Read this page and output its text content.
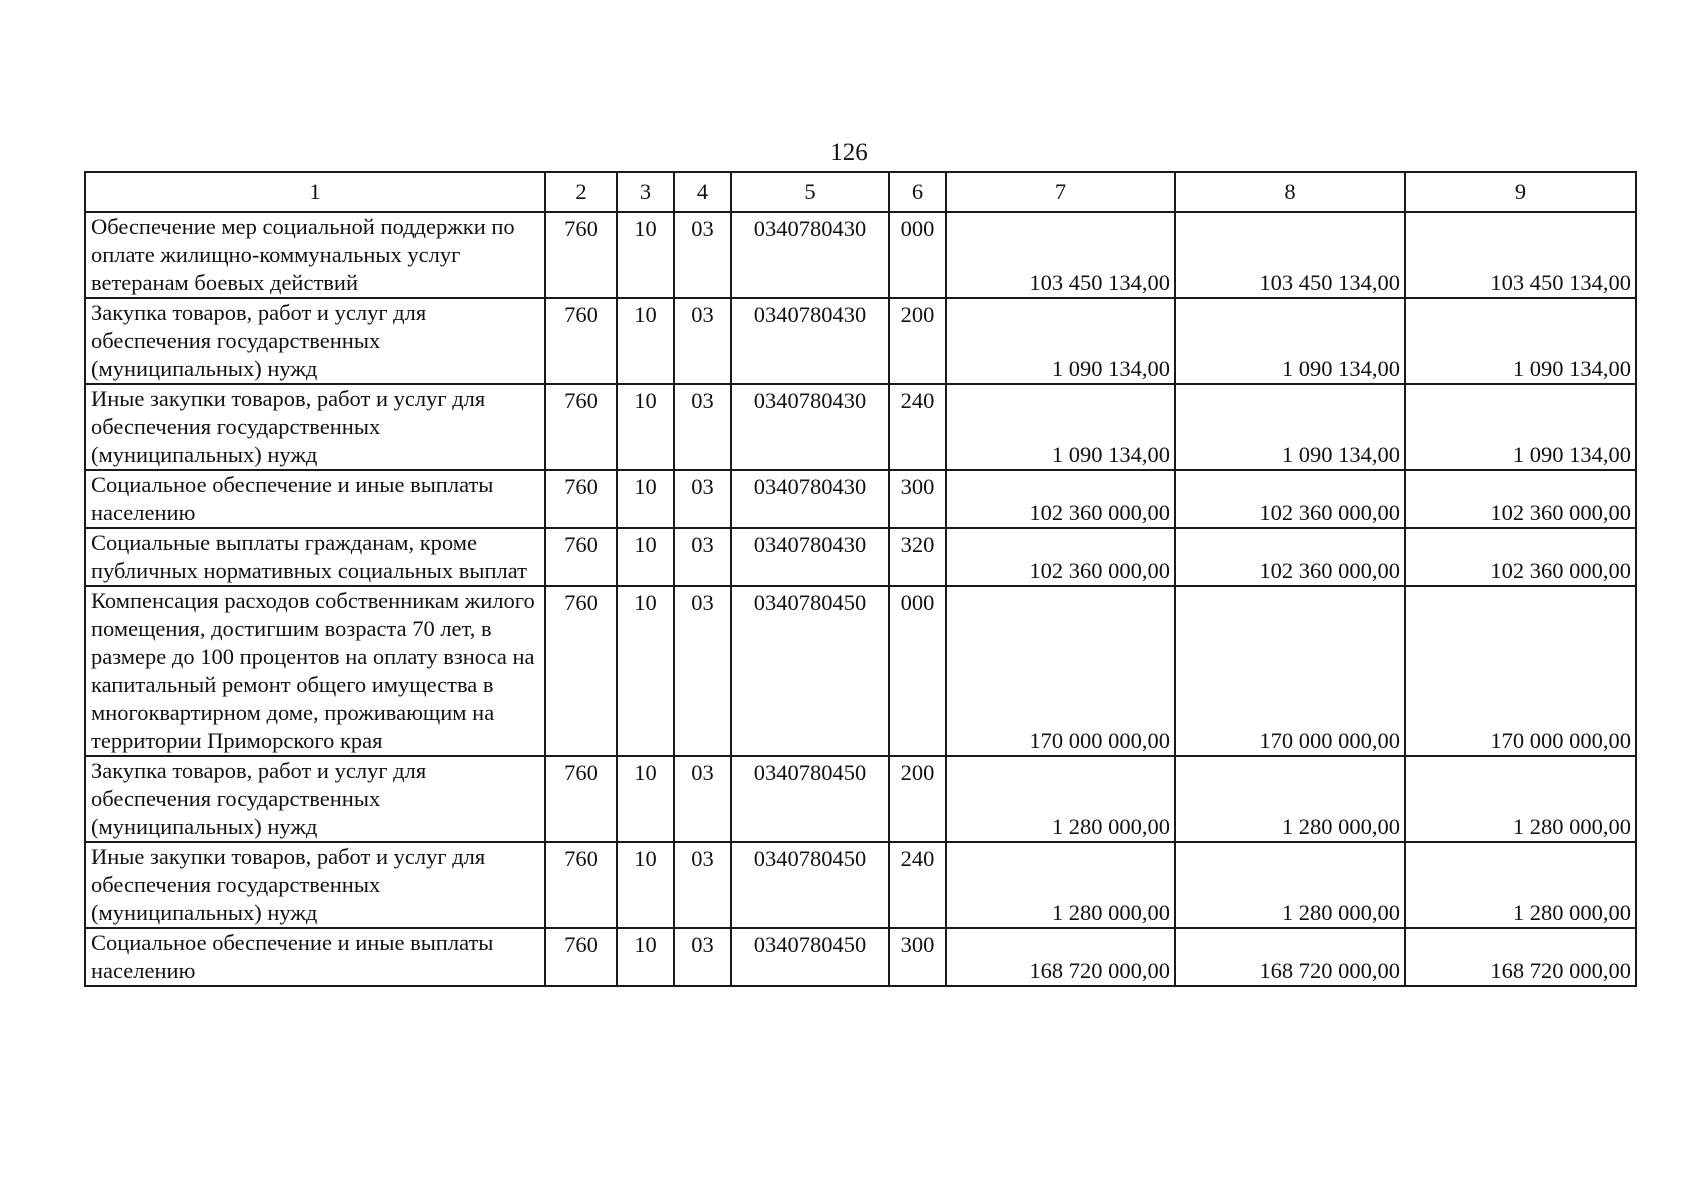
126
1	2	3	4	5	6	7	8	9
Обеспечение мер социальной поддержки по оплате жилищно-коммунальных услуг ветеранам боевых действий	760	10	03	0340780430	000	103 450 134,00	103 450 134,00	103 450 134,00
Закупка товаров, работ и услуг для обеспечения государственных (муниципальных) нужд	760	10	03	0340780430	200	1 090 134,00	1 090 134,00	1 090 134,00
Иные закупки товаров, работ и услуг для обеспечения государственных (муниципальных) нужд	760	10	03	0340780430	240	1 090 134,00	1 090 134,00	1 090 134,00
Социальное обеспечение и иные выплаты населению	760	10	03	0340780430	300	102 360 000,00	102 360 000,00	102 360 000,00
Социальные выплаты гражданам, кроме публичных нормативных социальных выплат	760	10	03	0340780430	320	102 360 000,00	102 360 000,00	102 360 000,00
Компенсация расходов собственникам жилого помещения, достигшим возраста 70 лет, в размере до 100 процентов на оплату взноса на капитальный ремонт общего имущества в многоквартирном доме, проживающим на территории Приморского края	760	10	03	0340780450	000	170 000 000,00	170 000 000,00	170 000 000,00
Закупка товаров, работ и услуг для обеспечения государственных (муниципальных) нужд	760	10	03	0340780450	200	1 280 000,00	1 280 000,00	1 280 000,00
Иные закупки товаров, работ и услуг для обеспечения государственных (муниципальных) нужд	760	10	03	0340780450	240	1 280 000,00	1 280 000,00	1 280 000,00
Социальное обеспечение и иные выплаты населению	760	10	03	0340780450	300	168 720 000,00	168 720 000,00	168 720 000,00
